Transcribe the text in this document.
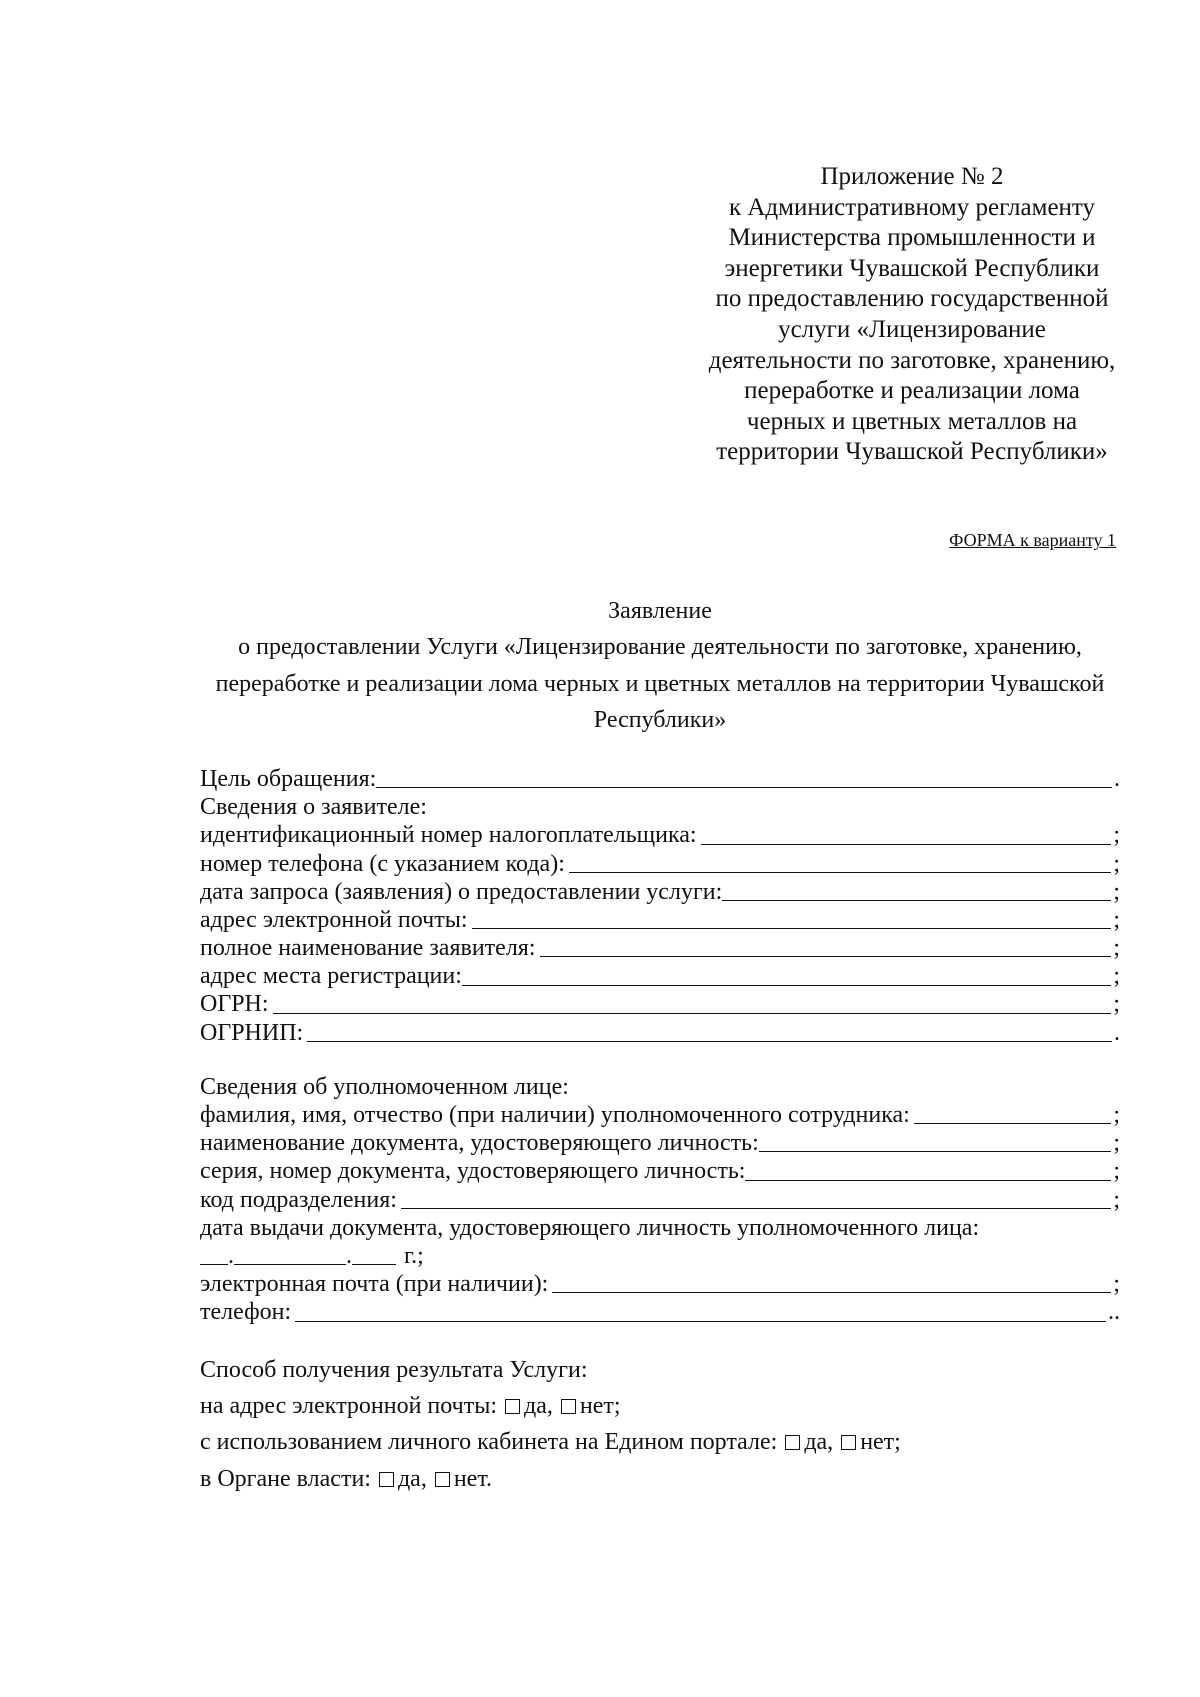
Приложение № 2
к Административному регламенту
Министерства промышленности и
энергетики Чувашской Республики
по предоставлению государственной
услуги «Лицензирование
деятельности по заготовке, хранению,
переработке и реализации лома
черных и цветных металлов на
территории Чувашской Республики»
ФОРМА к варианту 1
Заявление
о предоставлении Услуги «Лицензирование деятельности по заготовке, хранению,
переработке и реализации лома черных и цветных металлов на территории Чувашской
Республики»
Цель обращения:	.
Сведения о заявителе:
идентификационный номер налогоплательщика:	;
номер телефона (с указанием кода):	;
дата запроса (заявления) о предоставлении услуги:	;
адрес электронной почты:	;
полное наименование заявителя:	;
адрес места регистрации:	;
ОГРН:	;
ОГРНИП:	.
Сведения об уполномоченном лице:
фамилия, имя, отчество (при наличии) уполномоченного сотрудника:	;
наименование документа, удостоверяющего личность:	;
серия, номер документа, удостоверяющего личность:	;
код подразделения:	;
дата выдачи документа, удостоверяющего личность уполномоченного лица:
.	. г.;
электронная почта (при наличии):	;
телефон:	..
Способ получения результата Услуги:
на адрес электронной почты: да, нет;
с использованием личного кабинета на Едином портале: да, нет;
в Органе власти: да, нет.
